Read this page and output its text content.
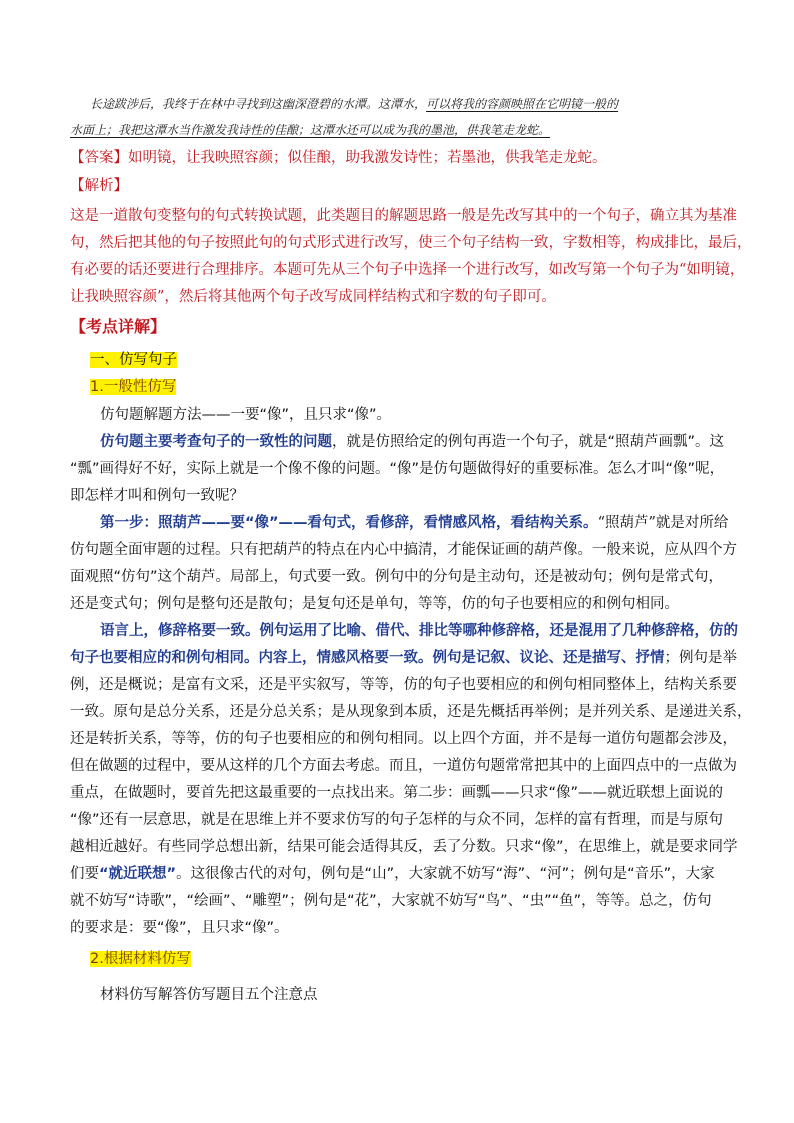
长途跋涉后，我终于在林中寻找到这幽深澄碧的水潭。这潭水，可以将我的容颜映照在它明镜一般的
水面上；我把这潭水当作激发我诗性的佳酿；这潭水还可以成为我的墨池，供我笔走龙蛇。
【答案】如明镜，让我映照容颜；似佳酿，助我激发诗性；若墨池，供我笔走龙蛇。
【解析】
这是一道散句变整句的句式转换试题，此类题目的解题思路一般是先改写其中的一个句子，确立其为基准
句，然后把其他的句子按照此句的句式形式进行改写，使三个句子结构一致，字数相等，构成排比，最后，
有必要的话还要进行合理排序。本题可先从三个句子中选择一个进行改写，如改写第一个句子为“如明镜，
让我映照容颜”，然后将其他两个句子改写成同样结构式和字数的句子即可。
【考点详解】
一、仿写句子
1.一般性仿写
仿句题解题方法——一要“像”，且只求“像”。
仿句题主要考查句子的一致性的问题，就是仿照给定的例句再造一个句子，就是“照葫芦画瓢”。这
“瓢”画得好不好，实际上就是一个像不像的问题。“像”是仿句题做得好的重要标准。怎么才叫“像”呢，
即怎样才叫和例句一致呢？
第一步：照葫芦——要“像”——看句式，看修辞，看情感风格，看结构关系。“照葫芦”就是对所给
仿句题全面审题的过程。只有把葫芦的特点在内心中搞清，才能保证画的葫芦像。一般来说，应从四个方
面观照“仿句”这个葫芦。局部上，句式要一致。例句中的分句是主动句，还是被动句；例句是常式句，
还是变式句；例句是整句还是散句；是复句还是单句，等等，仿的句子也要相应的和例句相同。
语言上，修辞格要一致。例句运用了比喻、借代、排比等哪种修辞格，还是混用了几种修辞格，仿的
句子也要相应的和例句相同。内容上，情感风格要一致。例句是记叙、议论、还是描写、抒情；例句是举
例，还是概说；是富有文采，还是平实叙写，等等，仿的句子也要相应的和例句相同整体上，结构关系要
一致。原句是总分关系，还是分总关系；是从现象到本质，还是先概括再举例；是并列关系、是递进关系，
还是转折关系，等等，仿的句子也要相应的和例句相同。以上四个方面，并不是每一道仿句题都会涉及，
但在做题的过程中，要从这样的几个方面去考虑。而且，一道仿句题常常把其中的上面四点中的一点做为
重点，在做题时，要首先把这最重要的一点找出来。第二步：画瓢——只求“像”——就近联想上面说的
“像”还有一层意思，就是在思维上并不要求仿写的句子怎样的与众不同，怎样的富有哲理，而是与原句
越相近越好。有些同学总想出新，结果可能会适得其反，丢了分数。只求“像”，在思维上，就是要求同学
们要“就近联想”。这很像古代的对句，例句是“山”，大家就不妨写“海”、“河”；例句是“音乐”，大家
就不妨写“诗歌”，“绘画”、“雕塑”；例句是“花”，大家就不妨写“鸟”、“虫”“鱼”，等等。总之，仿句
的要求是：要“像”，且只求“像”。
2.根据材料仿写
材料仿写解答仿写题目五个注意点
